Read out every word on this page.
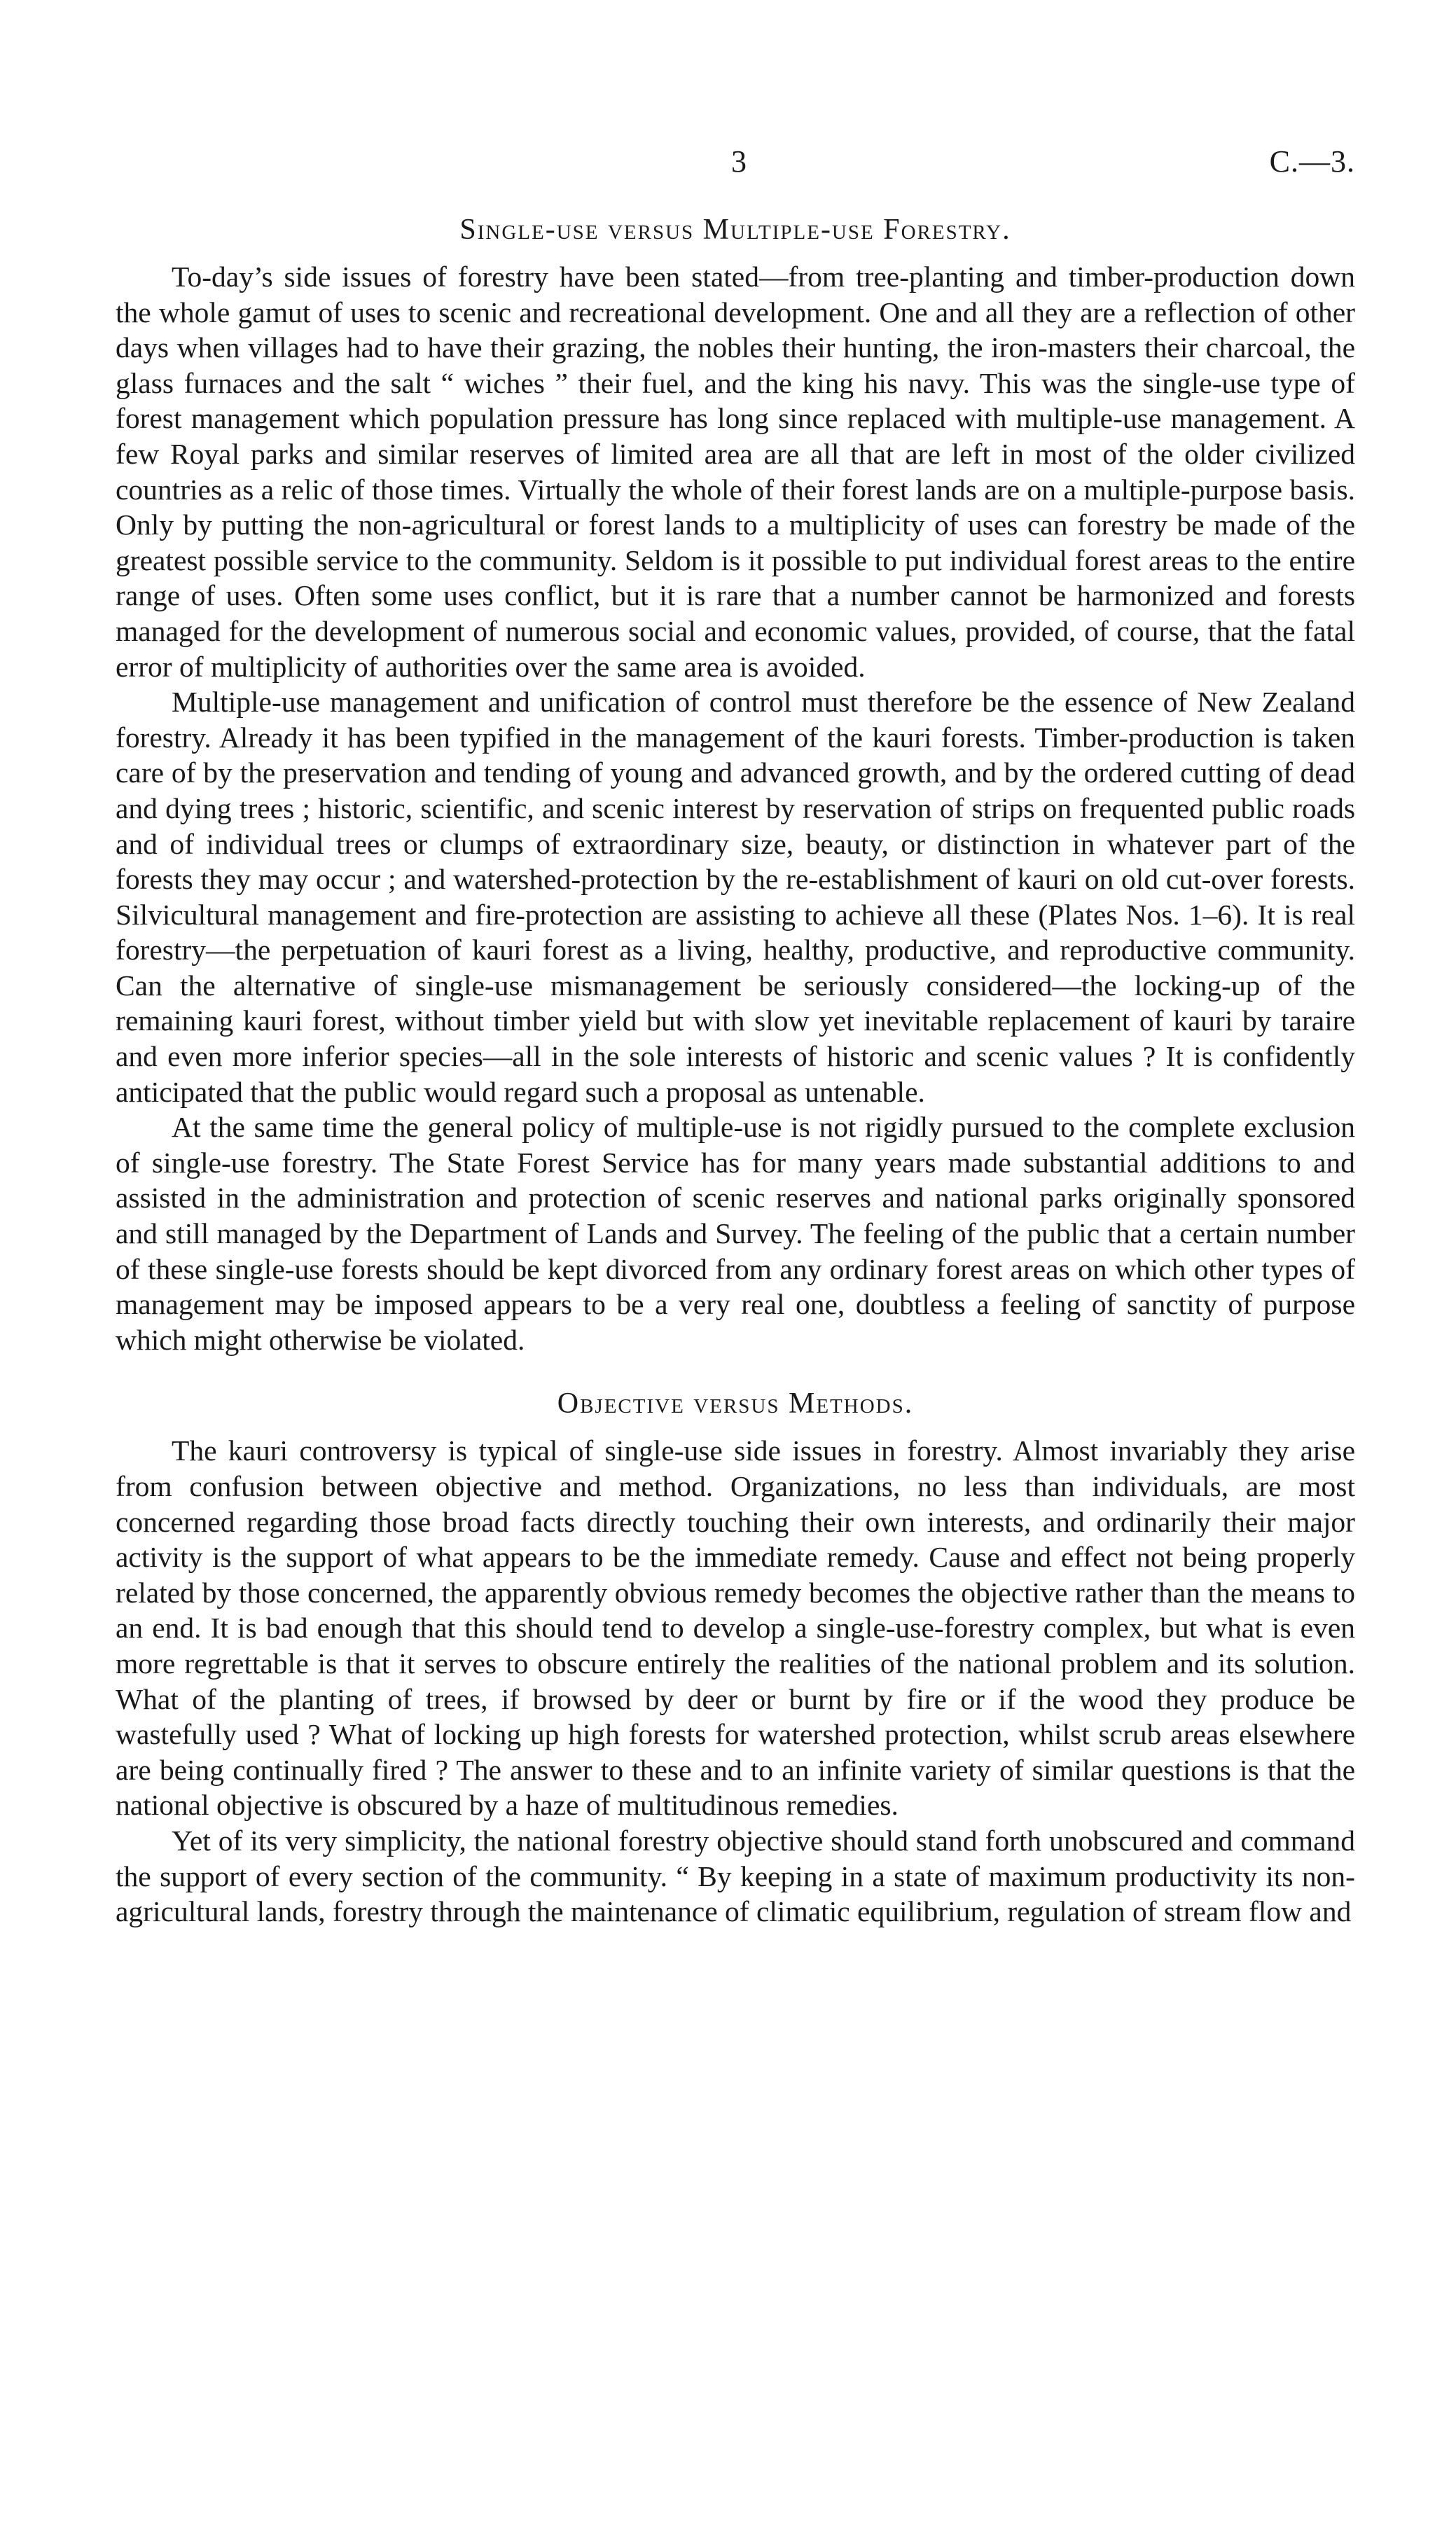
3	C.—3.
Single-use versus Multiple-use Forestry.

To-day’s side issues of forestry have been stated—from tree-planting and timber-production down the whole gamut of uses to scenic and recreational development. One and all they are a reflection of other days when villages had to have their grazing, the nobles their hunting, the iron-masters their charcoal, the glass furnaces and the salt “ wiches ” their fuel, and the king his navy. This was the single-use type of forest management which population pressure has long since replaced with multiple-use management. A few Royal parks and similar reserves of limited area are all that are left in most of the older civilized countries as a relic of those times. Virtually the whole of their forest lands are on a multiple-purpose basis. Only by putting the non-agricultural or forest lands to a multiplicity of uses can forestry be made of the greatest possible service to the community. Seldom is it possible to put individual forest areas to the entire range of uses. Often some uses conflict, but it is rare that a number cannot be harmonized and forests managed for the development of numerous social and economic values, provided, of course, that the fatal error of multiplicity of authorities over the same area is avoided.

Multiple-use management and unification of control must therefore be the essence of New Zealand forestry. Already it has been typified in the management of the kauri forests. Timber-production is taken care of by the preservation and tending of young and advanced growth, and by the ordered cutting of dead and dying trees ; historic, scientific, and scenic interest by reservation of strips on frequented public roads and of individual trees or clumps of extraordinary size, beauty, or distinction in whatever part of the forests they may occur ; and watershed-protection by the re-establishment of kauri on old cut-over forests. Silvicultural management and fire-protection are assisting to achieve all these (Plates Nos. 1–6). It is real forestry—the perpetuation of kauri forest as a living, healthy, productive, and reproductive community. Can the alternative of single-use mismanagement be seriously considered—the locking-up of the remaining kauri forest, without timber yield but with slow yet inevitable replacement of kauri by taraire and even more inferior species—all in the sole interests of historic and scenic values ? It is confidently anticipated that the public would regard such a proposal as untenable.

At the same time the general policy of multiple-use is not rigidly pursued to the complete exclusion of single-use forestry. The State Forest Service has for many years made substantial additions to and assisted in the administration and protection of scenic reserves and national parks originally sponsored and still managed by the Department of Lands and Survey. The feeling of the public that a certain number of these single-use forests should be kept divorced from any ordinary forest areas on which other types of management may be imposed appears to be a very real one, doubtless a feeling of sanctity of purpose which might otherwise be violated.

Objective versus Methods.

The kauri controversy is typical of single-use side issues in forestry. Almost invariably they arise from confusion between objective and method. Organizations, no less than individuals, are most concerned regarding those broad facts directly touching their own interests, and ordinarily their major activity is the support of what appears to be the immediate remedy. Cause and effect not being properly related by those concerned, the apparently obvious remedy becomes the objective rather than the means to an end. It is bad enough that this should tend to develop a single-use-forestry complex, but what is even more regrettable is that it serves to obscure entirely the realities of the national problem and its solution. What of the planting of trees, if browsed by deer or burnt by fire or if the wood they produce be wastefully used ? What of locking up high forests for watershed protection, whilst scrub areas elsewhere are being continually fired ? The answer to these and to an infinite variety of similar questions is that the national objective is obscured by a haze of multitudinous remedies.

Yet of its very simplicity, the national forestry objective should stand forth unobscured and command the support of every section of the community. “ By keeping in a state of maximum productivity its non-agricultural lands, forestry through the maintenance of climatic equilibrium, regulation of stream flow and
